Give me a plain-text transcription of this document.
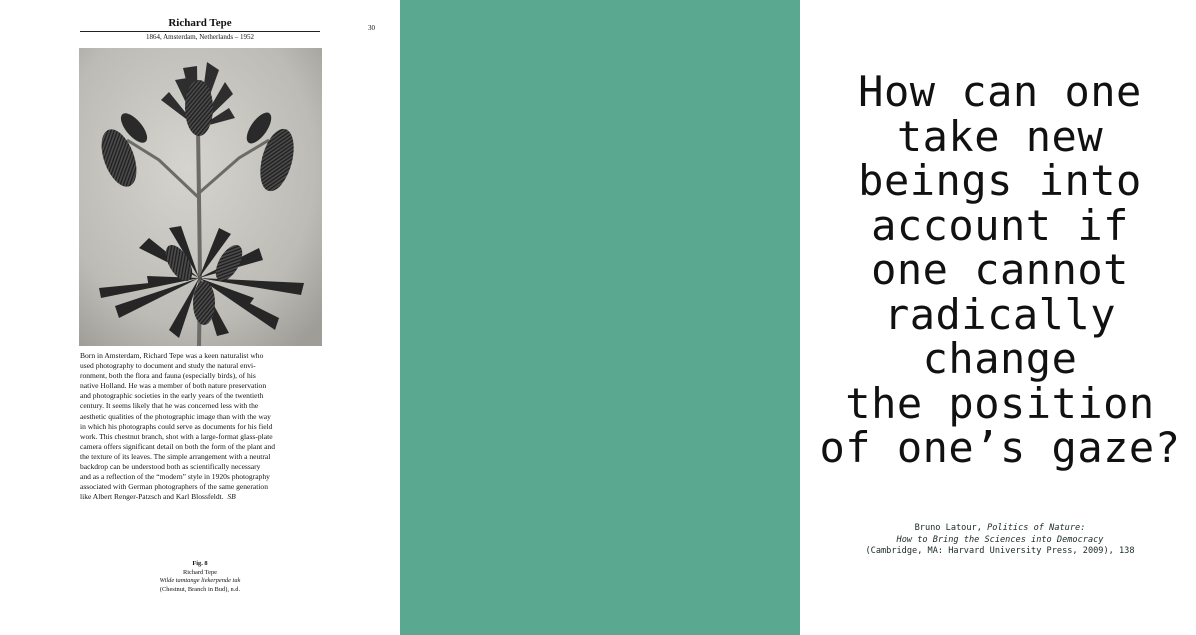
Richard Tepe
1864, Amsterdam, Netherlands – 1952
30
Born in Amsterdam, Richard Tepe was a keen naturalist who
used photography to document and study the natural envi-
ronment, both the flora and fauna (especially birds), of his
native Holland. He was a member of both nature preservation
and photographic societies in the early years of the twentieth
century. It seems likely that he was concerned less with the
aesthetic qualities of the photographic image than with the way
in which his photographs could serve as documents for his field
work. This chestnut branch, shot with a large-format glass-plate
camera offers significant detail on both the form of the plant and
the texture of its leaves. The simple arrangement with a neutral
backdrop can be understood both as scientifically necessary
and as a reflection of the “modern” style in 1920s photography
associated with German photographers of the same generation
like Albert Renger-Patzsch and Karl Blossfeldt. SB
Fig. 8
Richard Tepe
Wilde tamtange liekerpende tak
(Chestnut, Branch in Bud), n.d.
How can one
take new
beings into
account if
one cannot
radically
change
the position
of one’s gaze?
Bruno Latour, Politics of Nature:
How to Bring the Sciences into Democracy
(Cambridge, MA: Harvard University Press, 2009), 138
